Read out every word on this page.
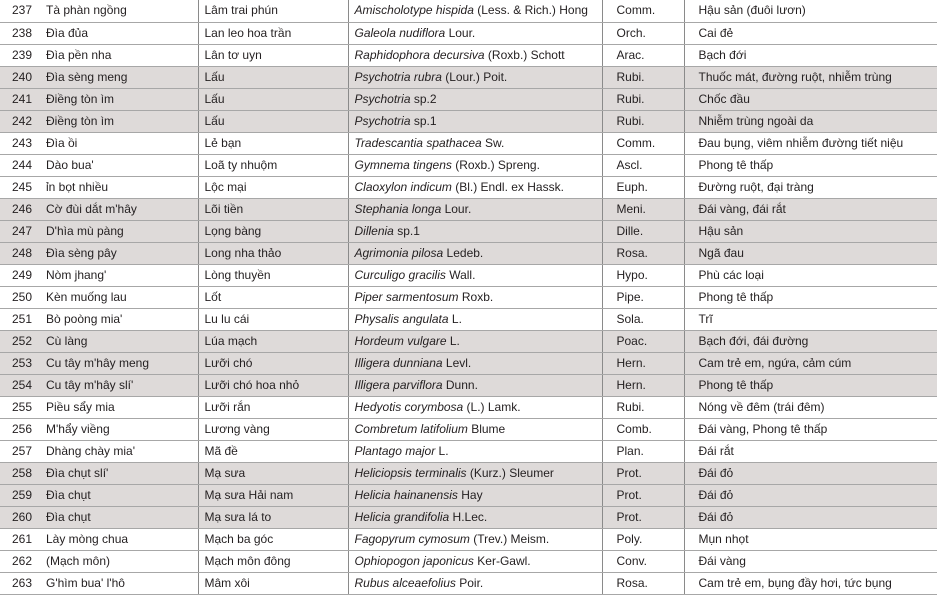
237	Tà phàn ngồng	Lâm trai phún	Amischolotype hispida (Less. & Rich.) Hong	Comm.	Hậu sản (đuôi lươn)
238	Đìa đủa	Lan leo hoa trần	Galeola nudiflora Lour.	Orch.	Cai đẻ
239	Đìa pền nha	Lân tơ uyn	Raphidophora decursiva (Roxb.) Schott	Arac.	Bạch đới
240	Đìa sèng meng	Lấu	Psychotria rubra (Lour.) Poit.	Rubi.	Thuốc mát, đường ruột, nhiễm trùng
241	Điềng tòn ìm	Lấu	Psychotria sp.2	Rubi.	Chốc đầu
242	Điềng tòn ìm	Lấu	Psychotria sp.1	Rubi.	Nhiễm trùng ngoài da
243	Đìa ồi	Lẻ bạn	Tradescantia spathacea Sw.	Comm.	Đau bụng, viêm nhiễm đường tiết niệu
244	Dào bua'	Loã ty nhuộm	Gymnema tingens (Roxb.) Spreng.	Ascl.	Phong tê thấp
245	ỉn bọt nhiều	Lộc mại	Claoxylon indicum (Bl.) Endl. ex Hassk.	Euph.	Đường ruột, đại tràng
246	Cờ đùi dắt m'hây	Lõi tiền	Stephania longa Lour.	Meni.	Đái vàng, đái rắt
247	D'hìa mù pàng	Lọng bàng	Dillenia sp.1	Dille.	Hậu sản
248	Đìa sèng pây	Long nha thảo	Agrimonia pilosa Ledeb.	Rosa.	Ngã đau
249	Nòm jhang'	Lòng thuyền	Curculigo gracilis Wall.	Hypo.	Phù các loại
250	Kèn muống lau	Lốt	Piper sarmentosum Roxb.	Pipe.	Phong tê thấp
251	Bò poòng mia'	Lu lu cái	Physalis angulata L.	Sola.	Trĩ
252	Cù làng	Lúa mạch	Hordeum vulgare L.	Poac.	Bạch đới, đái đường
253	Cu tây m'hây meng	Lưỡi chó	Illigera dunniana Levl.	Hern.	Cam trẻ em, ngứa, cảm cúm
254	Cu tây m'hây slí'	Lưỡi chó hoa nhỏ	Illigera parviflora Dunn.	Hern.	Phong tê thấp
255	Piều sẩy mia	Lưỡi rắn	Hedyotis corymbosa (L.) Lamk.	Rubi.	Nóng về đêm (trái đêm)
256	M'hẩy viềng	Lương vàng	Combretum latifolium Blume	Comb.	Đái vàng, Phong tê thấp
257	Dhàng chày mia'	Mã đề	Plantago major L.	Plan.	Đái rắt
258	Đìa chụt slí'	Mạ sưa	Heliciopsis terminalis (Kurz.) Sleumer	Prot.	Đái đỏ
259	Đìa chụt	Mạ sưa Hải nam	Helicia hainanensis Hay	Prot.	Đái đỏ
260	Đìa chụt	Mạ sưa lá to	Helicia grandifolia H.Lec.	Prot.	Đái đỏ
261	Lày mòng chua	Mạch ba góc	Fagopyrum cymosum (Trev.) Meism.	Poly.	Mụn nhọt
262	(Mạch môn)	Mạch môn đông	Ophiopogon japonicus Ker-Gawl.	Conv.	Đái vàng
263	G'hìm bua' l'hô	Mâm xôi	Rubus alceaefolius Poir.	Rosa.	Cam trẻ em, bụng đầy hơi, tức bụng
